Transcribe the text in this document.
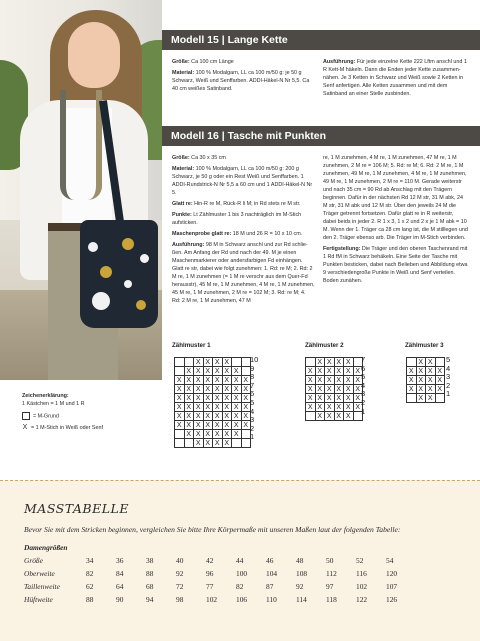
Modell 15 | Lange Kette

Größe: Ca 100 cm Länge

Material: 100 % Modalgarn, LL ca 100 m/50 g: je 50 g Schwarz, Weiß und Senffarben. ADDI-Häkel-N Nr 5,5. Ca 40 cm weißes Satinband.

Ausführung: Für jede einzelne Kette 222 Lftm anschl und 1 R Kett-M häkeln. Dann die Enden jeder Kette zusammennähen. Je 3 Ketten in Schwarz und Weiß sowie 2 Ketten in Senf anfertigen. Alle Ketten zusammen und mit dem Satinband an einer Stelle zusbinden.

Modell 16 | Tasche mit Punkten

Größe: Ca 30 x 35 cm

Material: 100 % Modalgarn, LL ca 100 m/50 g: 200 g Schwarz, je 50 g oder ein Rest Weiß und Senffarben. 1 ADDI-Rundstrick-N Nr 5,5 a 60 cm und 1 ADDI-Häkel-N Nr 5.

Glatt re: Hin-R re M, Rück-R li M; in Rd stets re M str.

Punkte: Lt Zählmuster 1 bis 3 nachträglich im M-Stich aufsticken.

Maschenprobe glatt re: 18 M und 26 R = 10 x 10 cm.

Ausführung: 98 M in Schwarz anschl und zur Rd schließen. Am Anfang der Rd und nach der 49. M je einen Maschenmarkierer oder andersfarbigen Fd einhängen. Glatt re str, dabei wie folgt zunehmen: 1. Rd: re M; 2. Rd: 2 M re, 1 M zunehmen (= 1 M re verschr aus dem Quer-Fd herausstr), 45 M re, 1 M zunehmen, 4 M re, 1 M zunehmen, 45 M re, 1 M zunehmen, 2 M re = 102 M; 3. Rd: re M; 4. Rd: 2 M re, 1 M zunehmen, 47 M

re, 1 M zunehmen, 4 M re, 1 M zunehmen, 47 M re, 1 M zunehmen, 2 M re = 106 M; 5. Rd: re M; 6. Rd: 2 M re, 1 M zunehmen, 49 M re, 1 M zunehmen, 4 M re, 1 M zunehmen, 49 M re, 1 M zunehmen, 2 M re = 110 M. Gerade weiterstr und nach 35 cm = 90 Rd ab Anschlag mit den Trägern beginnen. Dafür in der nächsten Rd 12 M str, 31 M abk, 24 M str, 31 M abk und 12 M str. Über den jeweils 24 M die Träger getrennt fortsetzen. Dafür glatt re in R weiterstr, dabei beids in jeder 2. R 1 x 3, 1 x 2 und 2 x je 1 M abk = 10 M. Wenn der 1. Träger ca 28 cm lang ist, die M stilllegen und den 2. Träger ebenso arb. Die Träger im M-Stich verbinden.

Fertigstellung: Die Träger und den oberen Taschenrand mit 1 Rd fM in Schwarz behäkeln. Eine Seite der Tasche mit Punkten besticken, dabei nach Belieben und Abbildung etwa 9 verschiedengroße Punkte in Weiß und Senf verteilen. Boden zunähen.

Zählmuster 1	Zählmuster 2	Zählmuster 3
		X	X	X	X		
	X	X	X	X	X	X	
X	X	X	X	X	X	X	X
X	X	X	X	X	X	X	X
X	X	X	X	X	X	X	X
X	X	X	X	X	X	X	X
X	X	X	X	X	X	X	X
X	X	X	X	X	X	X	X
	X	X	X	X	X	X	
		X	X	X	X		
10
9
8
7
6
5
4
3
2
1
	X	X	X	X	
X	X	X	X	X	X
X	X	X	X	X	X
X	X	X	X	X	X
X	X	X	X	X	X
X	X	X	X	X	X
	X	X	X	X	
7
6
5
4
3
2
1
	X	X	
X	X	X	X
X	X	X	X
X	X	X	X
	X	X	
5
4
3
2
1
Zeichenerklärung:
1 Kästchen = 1 M und 1 R
= M-Grund
X = 1 M-Stich in Weiß oder Senf
MASSTABELLE
Bevor Sie mit dem Stricken beginnen, vergleichen Sie bitte Ihre Körpermaße mit unseren Maßen laut der folgenden Tabelle:
Damengrößen											
Größe	34	36	38	40	42	44	46	48	50	52	54
Oberweite	82	84	88	92	96	100	104	108	112	116	120
Taillenweite	62	64	68	72	77	82	87	92	97	102	107
Hüftweite	88	90	94	98	102	106	110	114	118	122	126
